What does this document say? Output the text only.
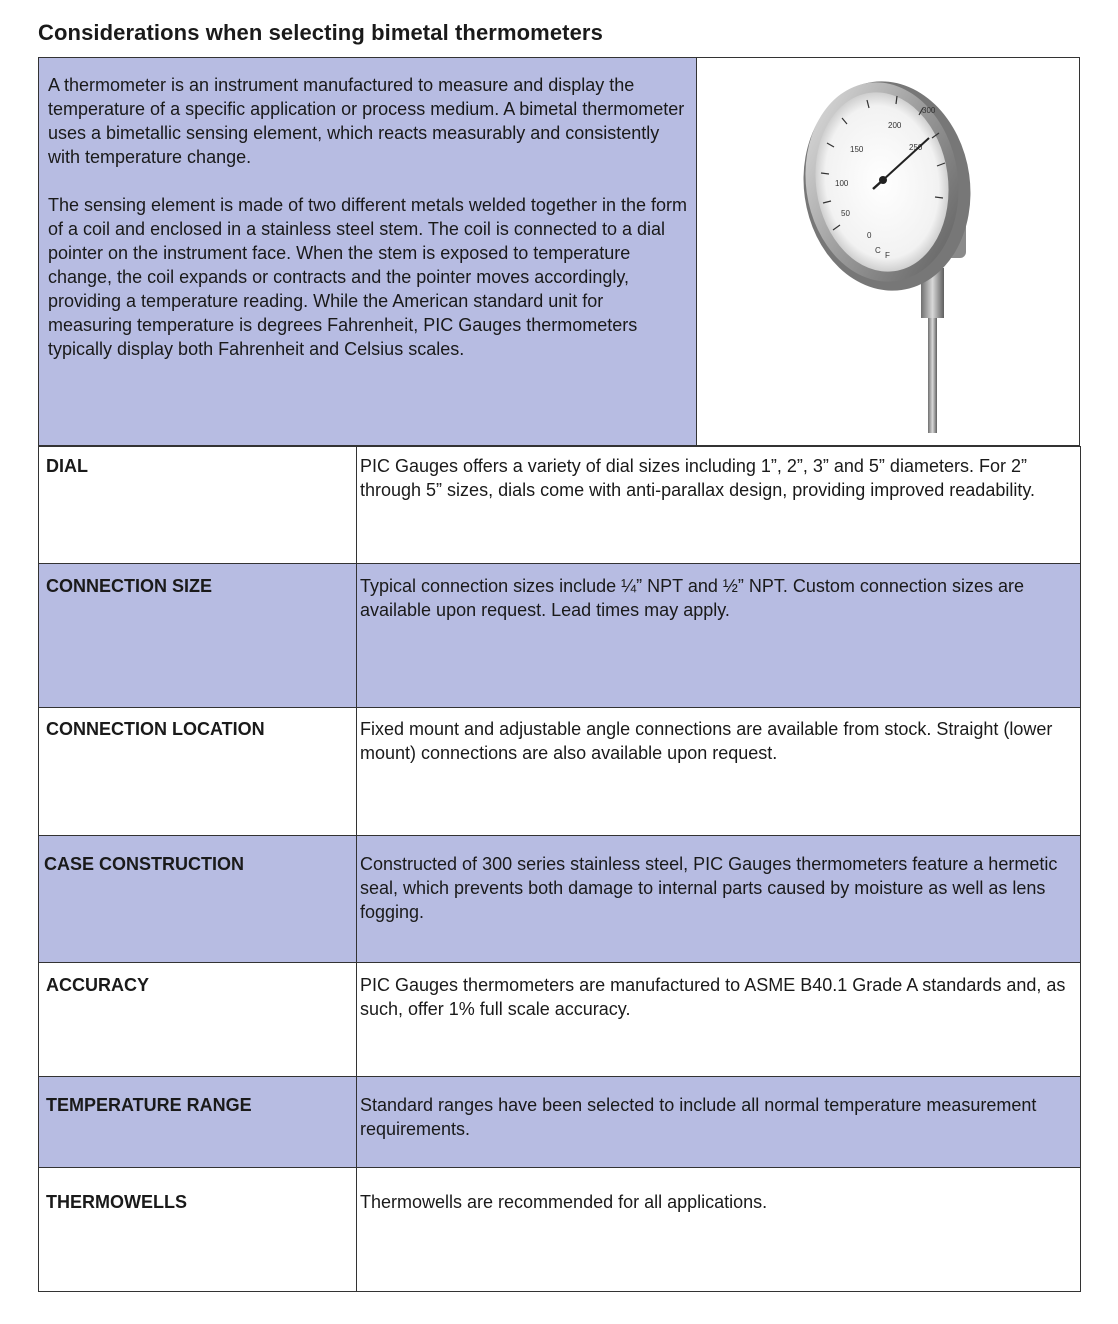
Considerations when selecting bimetal thermometers

A thermometer is an instrument manufactured to measure and display the temperature of a specific application or process medium. A bimetal thermometer uses a bimetallic sensing element, which reacts measurably and consistently with temperature change.

The sensing element is made of two different metals welded together in the form of a coil and enclosed in a stainless steel stem. The coil is connected to a dial pointer on the instrument face. When the stem is exposed to temperature change, the coil expands or contracts and the pointer moves accordingly, providing a temperature reading. While the American standard unit for measuring temperature is degrees Fahrenheit, PIC Gauges thermometers typically display both Fahrenheit and Celsius scales.

200
150
100
50
250
300
0
C
F
DIAL	PIC Gauges offers a variety of dial sizes including 1”, 2”, 3” and 5” diameters. For 2” through 5” sizes, dials come with anti-parallax design, providing improved readability.
CONNECTION SIZE	Typical connection sizes include ¼” NPT and ½” NPT. Custom connection sizes are available upon request. Lead times may apply.
CONNECTION LOCATION	Fixed mount and adjustable angle connections are available from stock. Straight (lower mount) connections are also available upon request.
CASE CONSTRUCTION	Constructed of 300 series stainless steel, PIC Gauges thermometers feature a hermetic seal, which prevents both damage to internal parts caused by moisture as well as lens fogging.
ACCURACY	PIC Gauges thermometers are manufactured to ASME B40.1 Grade A standards and, as such, offer 1% full scale accuracy.
TEMPERATURE RANGE	Standard ranges have been selected to include all normal temperature measurement requirements.
THERMOWELLS	Thermowells are recommended for all applications.
